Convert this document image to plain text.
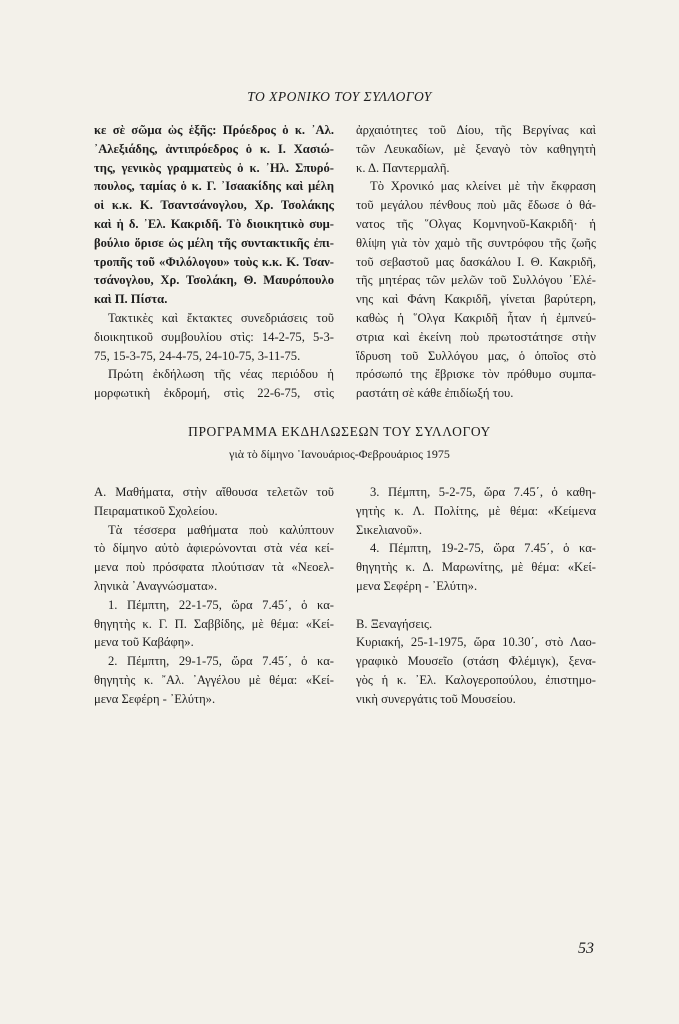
ΤΟ ΧΡΟΝΙΚΟ ΤΟΥ ΣΥΛΛΟΓΟΥ
κε σὲ σῶμα ὡς ἑξῆς: Πρόεδρος ὁ κ. ᾿Αλ.
᾿Αλεξιάδης, ἀντιπρόεδρος ὁ κ. Ι. Χασιώ-
της, γενικὸς γραμματεὺς ὁ κ. ᾿Ηλ. Σπυρό-
πουλος, ταμίας ὁ κ. Γ. ᾿Ισαακίδης καὶ μέλη
οἱ κ.κ. Κ. Τσαντσάνογλου, Χρ. Τσολάκης
καὶ ἡ δ. ᾿Ελ. Κακριδῆ. Τὸ διοικητικὸ συμ-
βούλιο ὅρισε ὡς μέλη τῆς συντακτικῆς ἐπι-
τροπῆς τοῦ «Φιλόλογου» τοὺς κ.κ. Κ. Τσαν-
τσάνογλου, Χρ. Τσολάκη, Θ. Μαυρόπουλο
καὶ Π. Πίστα.
Τακτικὲς καὶ ἔκτακτες συνεδριάσεις τοῦ
διοικητικοῦ συμβουλίου στὶς: 14-2-75, 5-3-
75, 15-3-75, 24-4-75, 24-10-75, 3-11-75.
Πρώτη ἐκδήλωση τῆς νέας περιόδου ἡ
μορφωτικὴ ἐκδρομή, στὶς 22-6-75, στὶς
ἀρχαιότητες τοῦ Δίου, τῆς Βεργίνας καὶ
τῶν Λευκαδίων, μὲ ξεναγὸ τὸν καθηγητὴ
κ. Δ. Παντερμαλῆ.
Τὸ Χρονικό μας κλείνει μὲ τὴν ἔκφραση
τοῦ μεγάλου πένθους ποὺ μᾶς ἔδωσε ὁ θά-
νατος τῆς ῞Ολγας Κομνηνοῦ-Κακριδῆ· ἡ
θλίψη γιὰ τὸν χαμὸ τῆς συντρόφου τῆς ζωῆς
τοῦ σεβαστοῦ μας δασκάλου Ι. Θ. Κακριδῆ,
τῆς μητέρας τῶν μελῶν τοῦ Συλλόγου ᾿Ελέ-
νης καὶ Φάνη Κακριδῆ, γίνεται βαρύτερη,
καθὼς ἡ ῞Ολγα Κακριδῆ ἦταν ἡ ἐμπνεύ-
στρια καὶ ἐκείνη ποὺ πρωτοστάτησε στὴν
ἵδρυση τοῦ Συλλόγου μας, ὁ ὁποῖος στὸ
πρόσωπό της ἔβρισκε τὸν πρόθυμο συμπα-
ραστάτη σὲ κάθε ἐπιδίωξή του.
ΠΡΟΓΡΑΜΜΑ ΕΚΔΗΛΩΣΕΩΝ ΤΟΥ ΣΥΛΛΟΓΟΥ
γιὰ τὸ δίμηνο ᾿Ιανουάριος-Φεβρουάριος 1975
Α. Μαθήματα, στὴν αἴθουσα τελετῶν τοῦ
Πειραματικοῦ Σχολείου.
Τὰ τέσσερα μαθήματα ποὺ καλύπτουν
τὸ δίμηνο αὐτὸ ἀφιερώνονται στὰ νέα κεί-
μενα ποὺ πρόσφατα πλούτισαν τὰ «Νεοελ-
ληνικὰ ᾿Αναγνώσματα».
1. Πέμπτη, 22-1-75, ὥρα 7.45΄, ὁ κα-
θηγητὴς κ. Γ. Π. Σαββίδης, μὲ θέμα: «Κεί-
μενα τοῦ Καβάφη».
2. Πέμπτη, 29-1-75, ὥρα 7.45΄, ὁ κα-
θηγητὴς κ. ῎Αλ. ᾿Αγγέλου μὲ θέμα: «Κεί-
μενα Σεφέρη - ᾿Ελύτη».
3. Πέμπτη, 5-2-75, ὥρα 7.45΄, ὁ καθη-
γητὴς κ. Λ. Πολίτης, μὲ θέμα: «Κείμενα
Σικελιανοῦ».
4. Πέμπτη, 19-2-75, ὥρα 7.45΄, ὁ κα-
θηγητὴς κ. Δ. Μαρωνίτης, μὲ θέμα: «Κεί-
μενα Σεφέρη - ᾿Ελύτη».
Β. Ξεναγήσεις.
Κυριακή, 25-1-1975, ὥρα 10.30΄, στὸ Λαο-
γραφικὸ Μουσεῖο (στάση Φλέμιγκ), ξενα-
γὸς ἡ κ. ᾿Ελ. Καλογεροπούλου, ἐπιστημο-
νικὴ συνεργάτις τοῦ Μουσείου.
53
